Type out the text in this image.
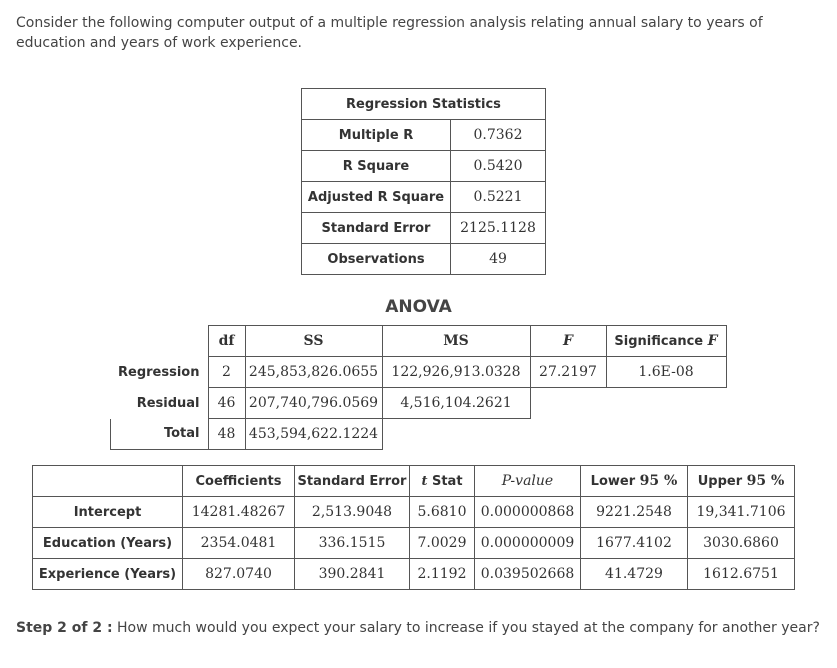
Consider the following computer output of a multiple regression analysis relating annual salary to years of education and years of work experience.
Regression Statistics	
Multiple R	0.7362
R Square	0.5420
Adjusted R Square	0.5221
Standard Error	2125.1128
Observations	49
ANOVA
	df	SS	MS	F	Significance F
Regression	2	245,853,826.0655	122,926,913.0328	27.2197	1.6E-08
Residual	46	207,740,796.0569	4,516,104.2621		
Total	48	453,594,622.1224			
	Coefficients	Standard Error	t Stat	P-value	Lower 95 %	Upper 95 %
Intercept	14281.48267	2,513.9048	5.6810	0.000000868	9221.2548	19,341.7106
Education (Years)	2354.0481	336.1515	7.0029	0.000000009	1677.4102	3030.6860
Experience (Years)	827.0740	390.2841	2.1192	0.039502668	41.4729	1612.6751
Step 2 of 2 : How much would you expect your salary to increase if you stayed at the company for another year?
